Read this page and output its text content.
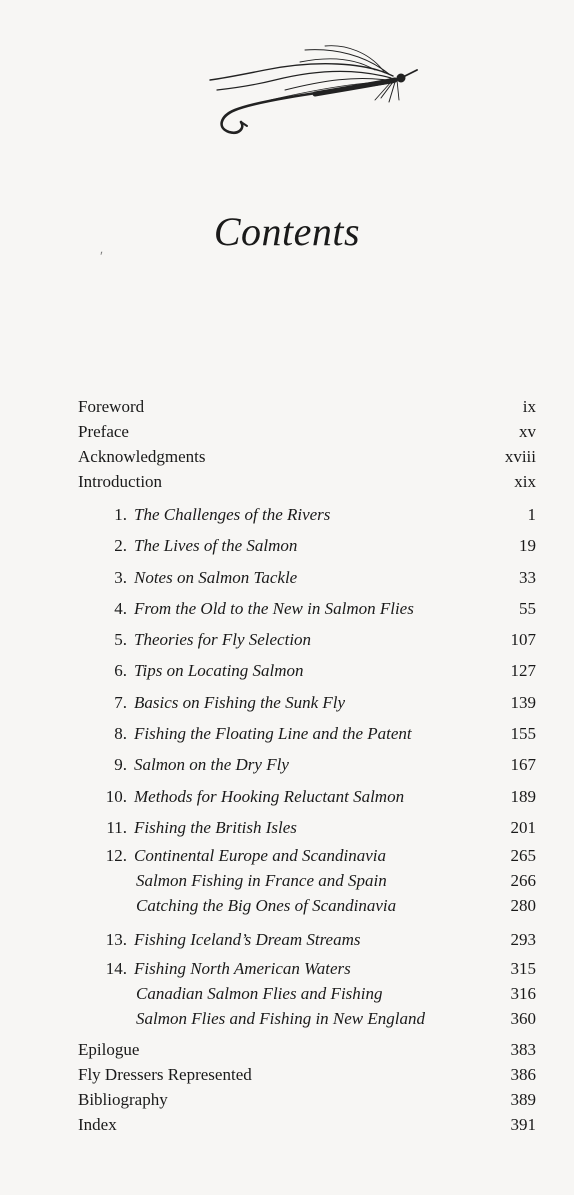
Contents
Foreword	ix
Preface	xv
Acknowledgments	xviii
Introduction	xix
1. The Challenges of the Rivers	1
2. The Lives of the Salmon	19
3. Notes on Salmon Tackle	33
4. From the Old to the New in Salmon Flies	55
5. Theories for Fly Selection	107
6. Tips on Locating Salmon	127
7. Basics on Fishing the Sunk Fly	139
8. Fishing the Floating Line and the Patent	155
9. Salmon on the Dry Fly	167
10. Methods for Hooking Reluctant Salmon	189
11. Fishing the British Isles	201
12. Continental Europe and Scandinavia	265
Salmon Fishing in France and Spain	266
Catching the Big Ones of Scandinavia	280
13. Fishing Iceland’s Dream Streams	293
14. Fishing North American Waters	315
Canadian Salmon Flies and Fishing	316
Salmon Flies and Fishing in New England	360
Epilogue	383
Fly Dressers Represented	386
Bibliography	389
Index	391
ʹ
